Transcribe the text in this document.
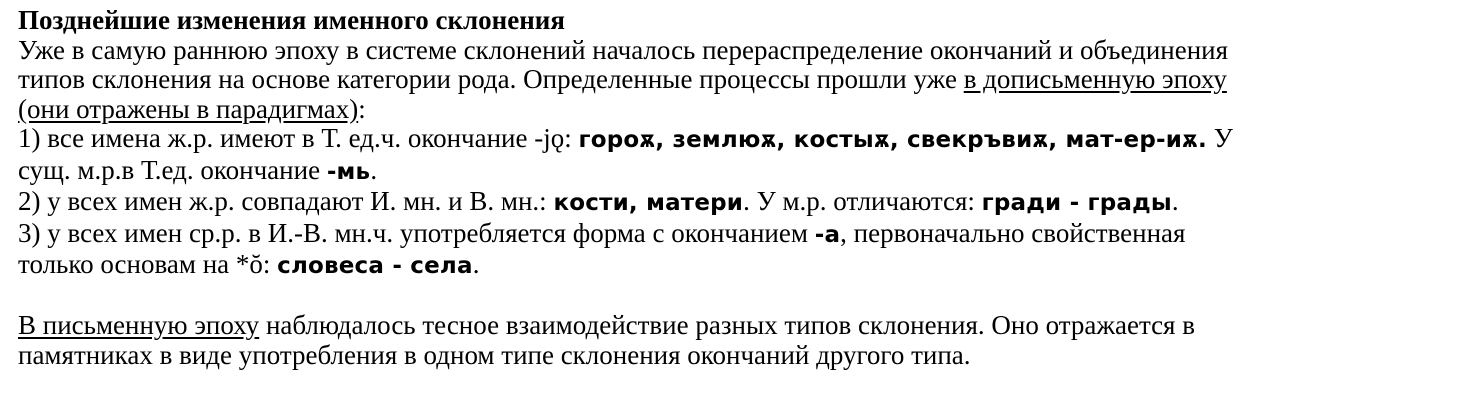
Позднейшие изменения именного склонения
Уже в самую раннюю эпоху в системе склонений началось перераспределение окончаний и объединения
типов склонения на основе категории рода. Определенные процессы прошли уже в дописьменную эпоху
(они отражены в парадигмах):
1) все имена ж.р. имеют в Т. ед.ч. окончание -jǫ: гороѫ, землюѫ, костыѫ, свекръвиѫ, мат-ер-иѫ. У
сущ. м.р.в Т.ед. окончание -мь.
2) у всех имен ж.р. совпадают И. мн. и В. мн.: кости, матери. У м.р. отличаются: гради - грады.
3) у всех имен ср.р. в И.-В. мн.ч. употребляется форма с окончанием -а, первоначально свойственная
только основам на *ŏ: словеса - села.
В письменную эпоху наблюдалось тесное взаимодействие разных типов склонения. Оно отражается в
памятниках в виде употребления в одном типе склонения окончаний другого типа.
